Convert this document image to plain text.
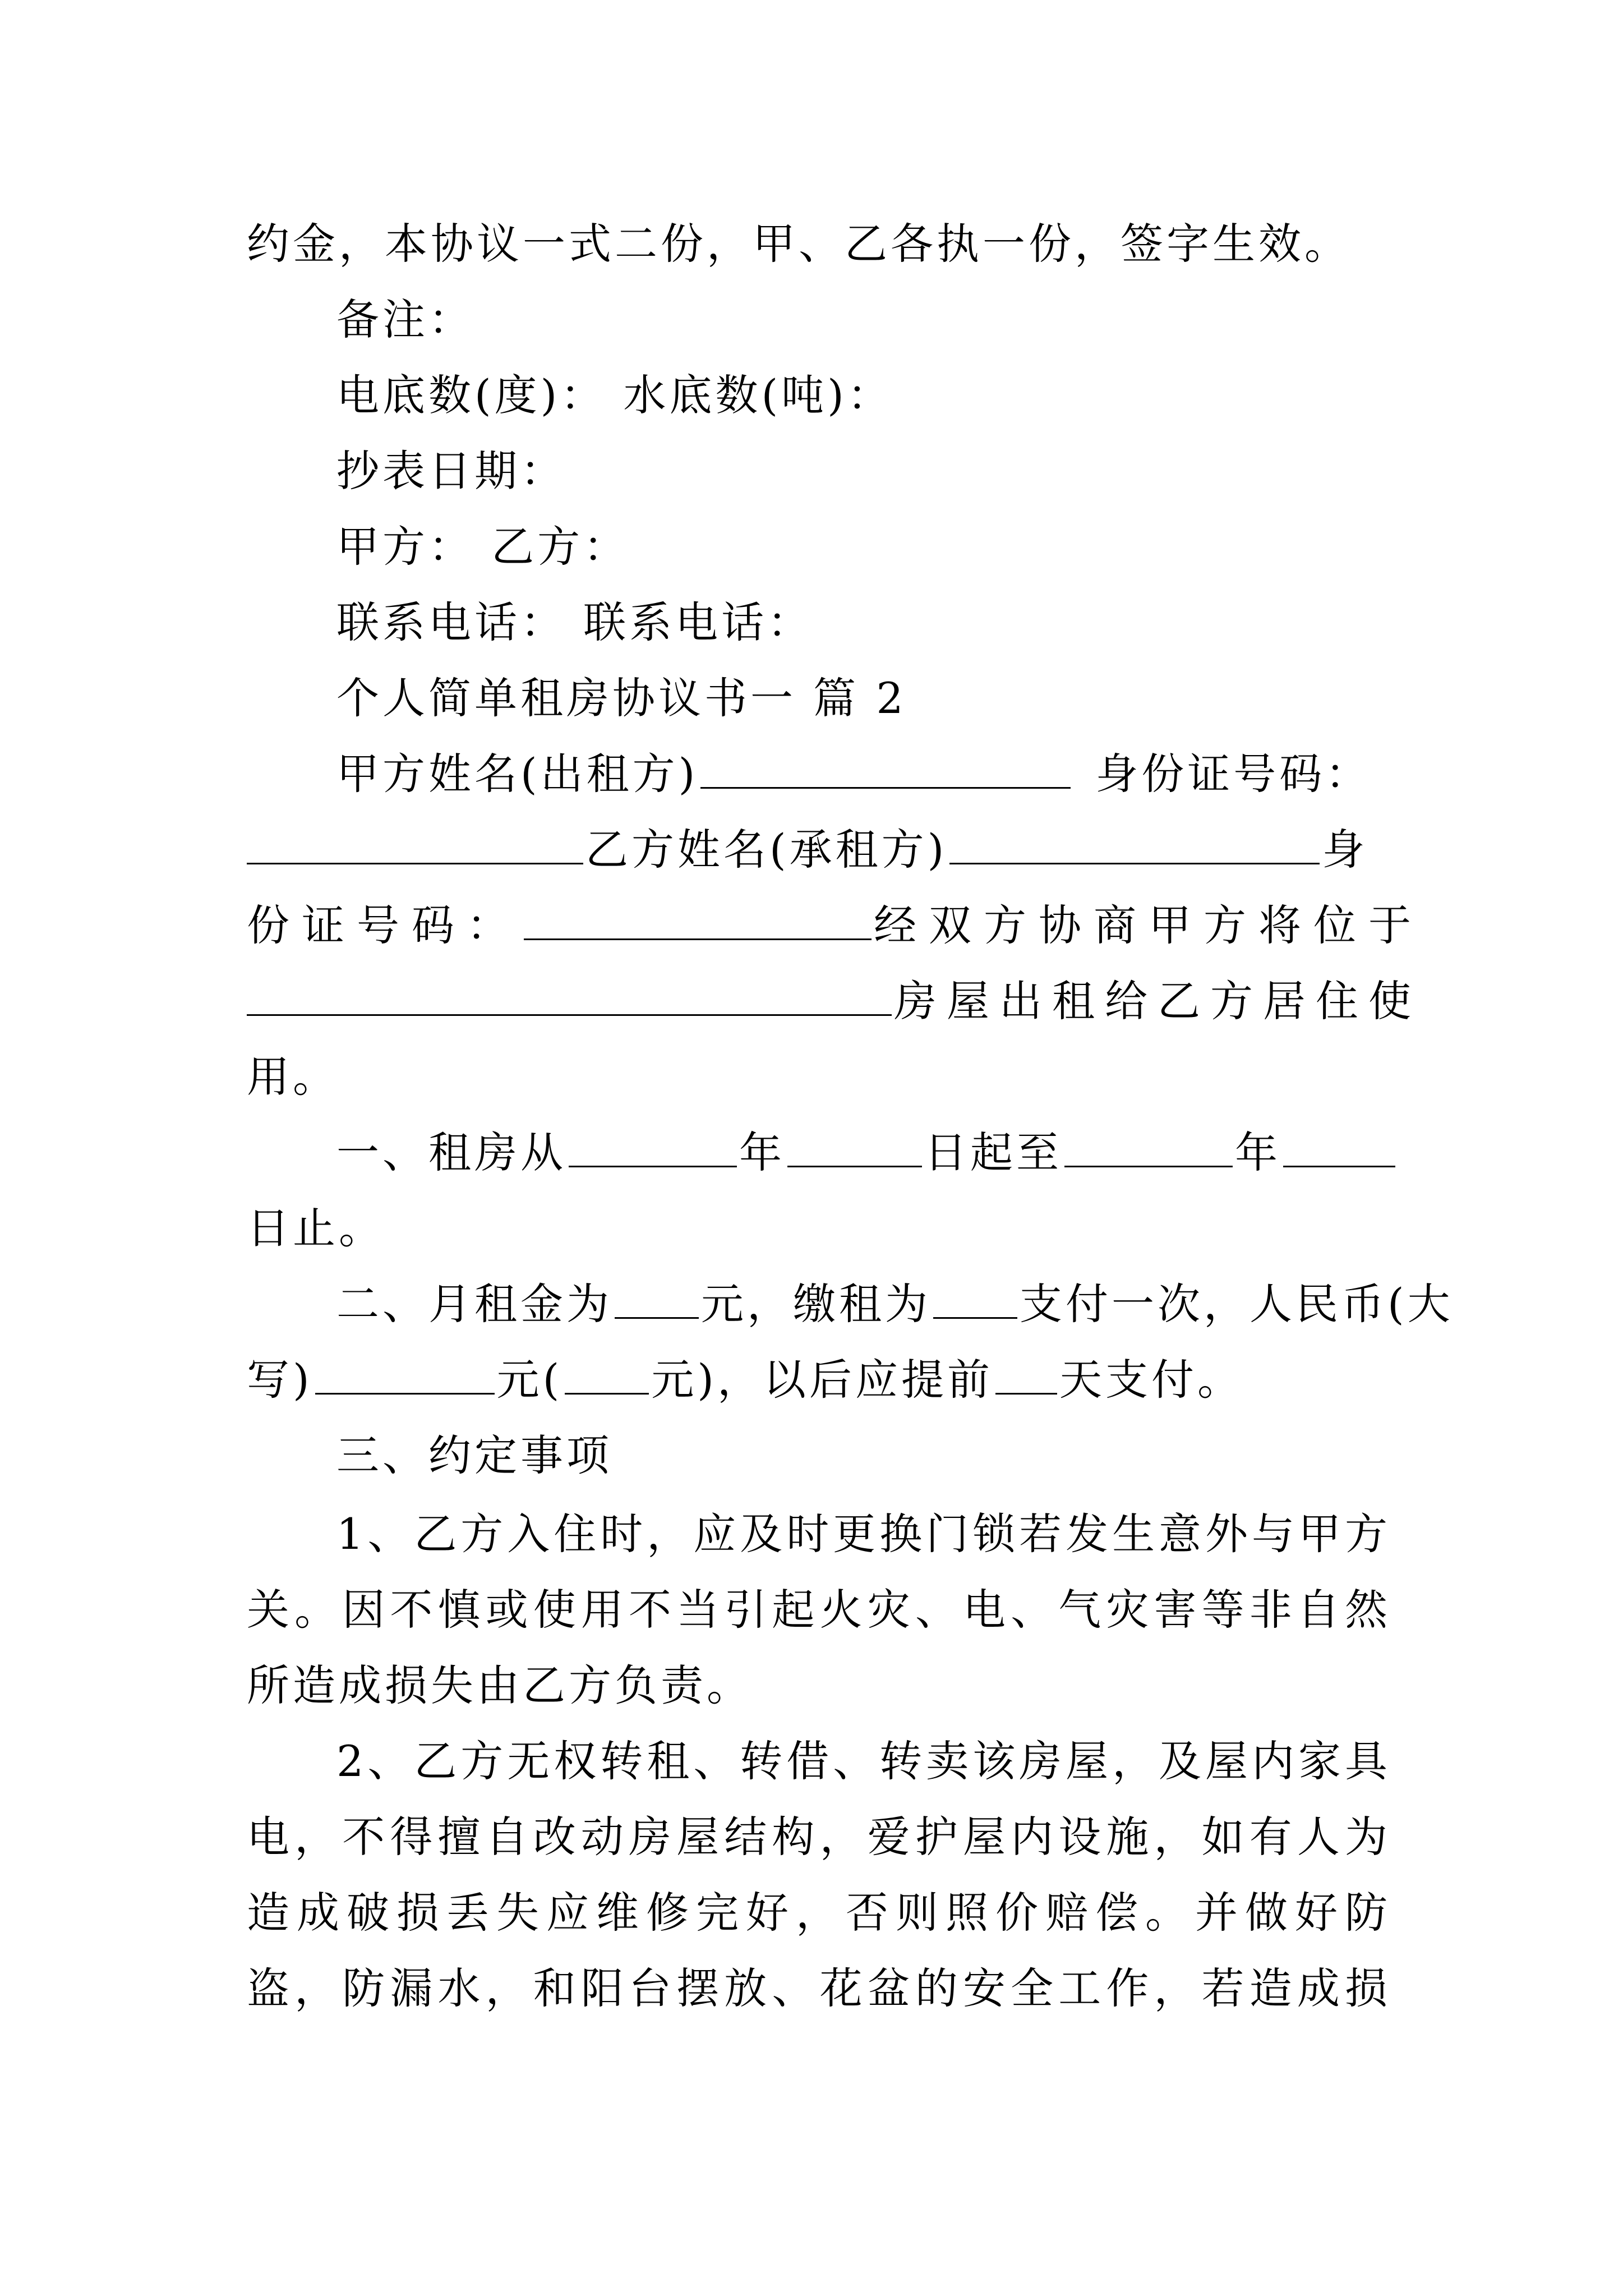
约金，本协议一式二份，甲、乙各执一份，签字生效。
备注：
电底数(度)： 水底数(吨)：
抄表日期：
甲方： 乙方：
联系电话： 联系电话：
个人简单租房协议书一 篇 2
甲方姓名(出租方)	身份证号码：
乙方姓名(承租方)	身
份证号码：	经双方协商甲方将位于
房屋出租给乙方居住使
用。
一、租房从	年	日起至	年
日止。
二、月租金为 元，缴租为 支付一次，人民币(大
写)	元( 元)，以后应提前 天支付。
三、约定事项
1、乙方入住时，应及时更换门锁若发生意外与甲方
关。因不慎或使用不当引起火灾、电、气灾害等非自然
所造成损失由乙方负责。
2、乙方无权转租、转借、转卖该房屋，及屋内家具
电，不得擅自改动房屋结构，爱护屋内设施，如有人为
造成破损丢失应维修完好，否则照价赔偿。并做好防
盗，防漏水，和阳台摆放、花盆的安全工作，若造成损
